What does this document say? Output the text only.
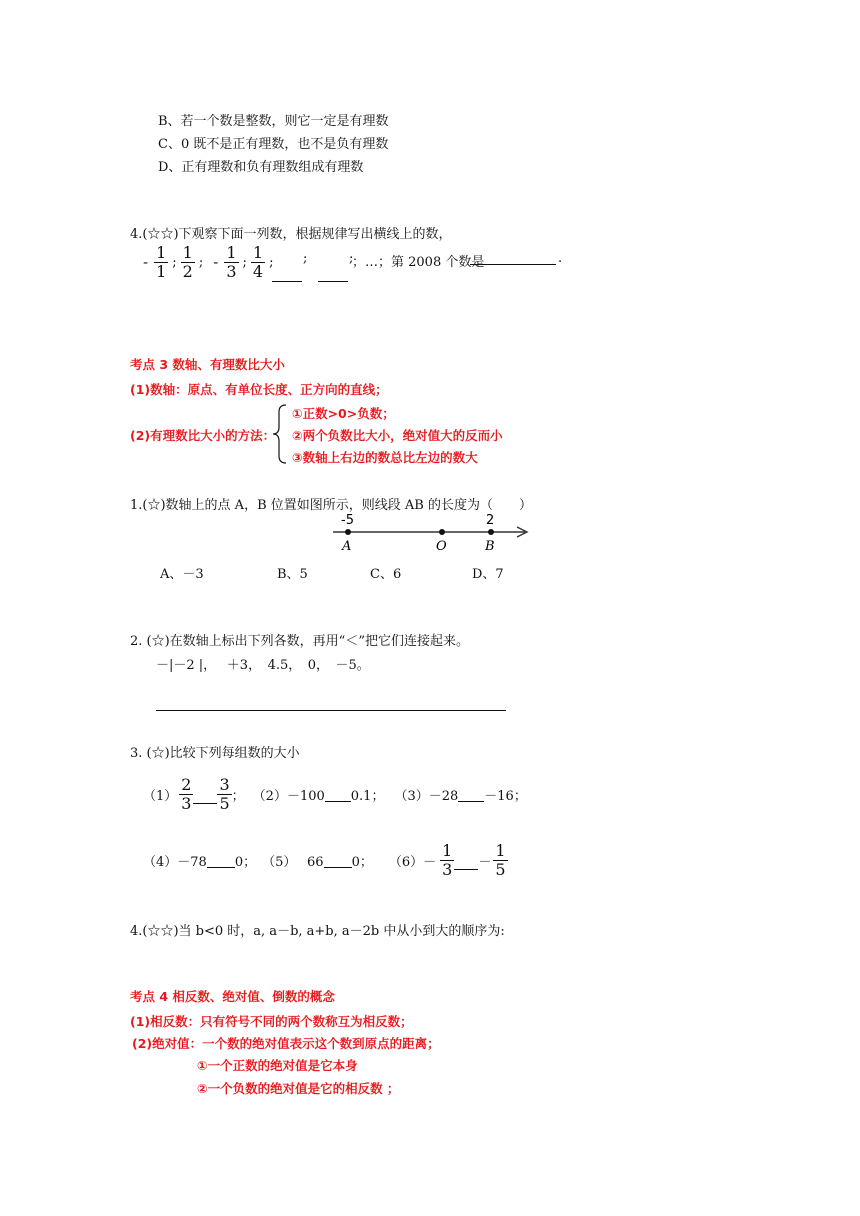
B、若一个数是整数，则它一定是有理数
C、0 既不是正有理数，也不是负有理数
D、正有理数和负有理数组成有理数
4.(☆☆)下观察下面一列数，根据规律写出横线上的数，
- $\frac{1}{1}$ ; $\frac{1}{2}$ ; - $\frac{1}{3}$ ; $\frac{1}{4}$ ; ;	;
；…；第 2008 个数是	.
考点 3 数轴、有理数比大小
(1)数轴：原点、有单位长度、正方向的直线；
(2)有理数比大小的方法：
①正数>0>负数；
②两个负数比大小，绝对值大的反而小
③数轴上右边的数总比左边的数大
1.(☆)数轴上的点 A，B 位置如图所示，则线段 AB 的长度为（　　）
-5	2
A	O	B
A、－3	B、5	C、6	D、7
2. (☆)在数轴上标出下列各数，再用“＜”把它们连接起来。
－|－2 |，　 ＋3，　4.5，　0，　－5。
3. (☆)比较下列每组数的大小
$(1) \frac{2}{3} \frac{3}{5}$ ； （2）－100 0.1； （3）－28 －16；
（4）－78 0； （5）　 66 0； $(6)- \frac{1}{3} - \frac{1}{5}$
4.(☆☆)当 b<0 时，a, a－b, a+b, a－2b 中从小到大的顺序为:
考点 4 相反数、绝对值、倒数的概念
(1)相反数：只有符号不同的两个数称互为相反数；
(2)绝对值：一个数的绝对值表示这个数到原点的距离；
①一个正数的绝对值是它本身
②一个负数的绝对值是它的相反数 ；
